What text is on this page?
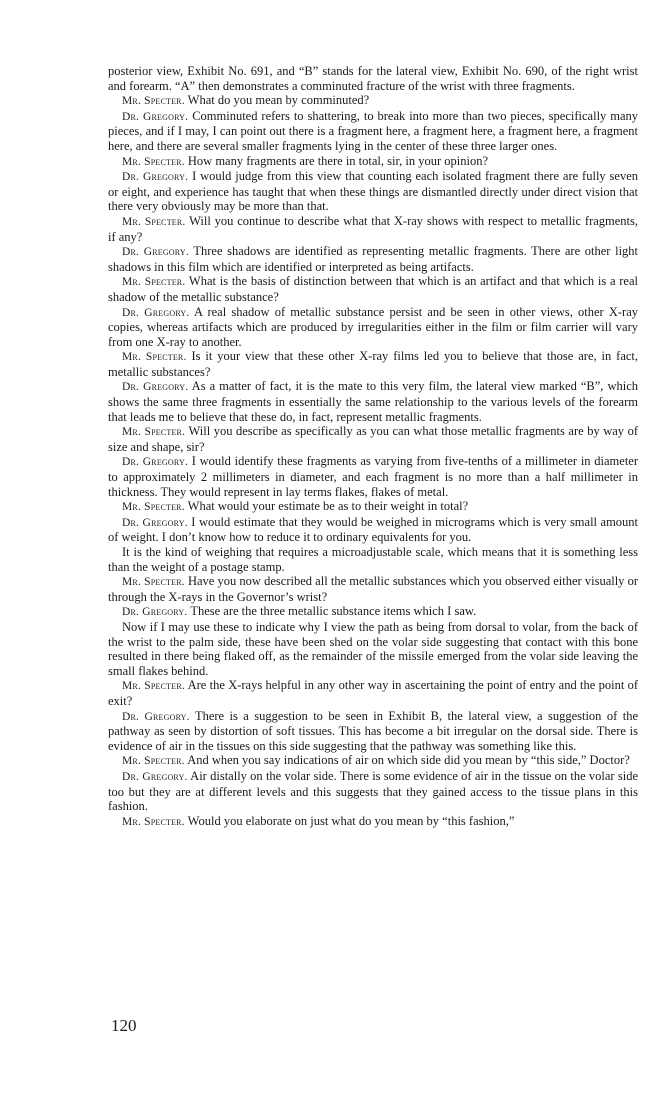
posterior view, Exhibit No. 691, and “B” stands for the lateral view, Exhibit No. 690, of the right wrist and forearm. “A” then demonstrates a comminuted fracture of the wrist with three fragments.

Mr. Specter. What do you mean by comminuted?

Dr. Gregory. Comminuted refers to shattering, to break into more than two pieces, specifically many pieces, and if I may, I can point out there is a fragment here, a fragment here, a fragment here, a fragment here, and there are several smaller fragments lying in the center of these three larger ones.

Mr. Specter. How many fragments are there in total, sir, in your opinion?

Dr. Gregory. I would judge from this view that counting each isolated fragment there are fully seven or eight, and experience has taught that when these things are dismantled directly under direct vision that there very obviously may be more than that.

Mr. Specter. Will you continue to describe what that X-ray shows with respect to metallic fragments, if any?

Dr. Gregory. Three shadows are identified as representing metallic fragments. There are other light shadows in this film which are identified or interpreted as being artifacts.

Mr. Specter. What is the basis of distinction between that which is an artifact and that which is a real shadow of the metallic substance?

Dr. Gregory. A real shadow of metallic substance persist and be seen in other views, other X-ray copies, whereas artifacts which are produced by irregularities either in the film or film carrier will vary from one X-ray to another.

Mr. Specter. Is it your view that these other X-ray films led you to believe that those are, in fact, metallic substances?

Dr. Gregory. As a matter of fact, it is the mate to this very film, the lateral view marked “B”, which shows the same three fragments in essentially the same relationship to the various levels of the forearm that leads me to believe that these do, in fact, represent metallic fragments.

Mr. Specter. Will you describe as specifically as you can what those metallic fragments are by way of size and shape, sir?

Dr. Gregory. I would identify these fragments as varying from five-tenths of a millimeter in diameter to approximately 2 millimeters in diameter, and each fragment is no more than a half millimeter in thickness. They would represent in lay terms flakes, flakes of metal.

Mr. Specter. What would your estimate be as to their weight in total?

Dr. Gregory. I would estimate that they would be weighed in micrograms which is very small amount of weight. I don’t know how to reduce it to ordinary equivalents for you.

It is the kind of weighing that requires a microadjustable scale, which means that it is something less than the weight of a postage stamp.

Mr. Specter. Have you now described all the metallic substances which you observed either visually or through the X-rays in the Governor’s wrist?

Dr. Gregory. These are the three metallic substance items which I saw.

Now if I may use these to indicate why I view the path as being from dorsal to volar, from the back of the wrist to the palm side, these have been shed on the volar side suggesting that contact with this bone resulted in there being flaked off, as the remainder of the missile emerged from the volar side leaving the small flakes behind.

Mr. Specter. Are the X-rays helpful in any other way in ascertaining the point of entry and the point of exit?

Dr. Gregory. There is a suggestion to be seen in Exhibit B, the lateral view, a suggestion of the pathway as seen by distortion of soft tissues. This has become a bit irregular on the dorsal side. There is evidence of air in the tissues on this side suggesting that the pathway was something like this.

Mr. Specter. And when you say indications of air on which side did you mean by “this side,” Doctor?

Dr. Gregory. Air distally on the volar side. There is some evidence of air in the tissue on the volar side too but they are at different levels and this suggests that they gained access to the tissue plans in this fashion.

Mr. Specter. Would you elaborate on just what do you mean by “this fashion,”

120
